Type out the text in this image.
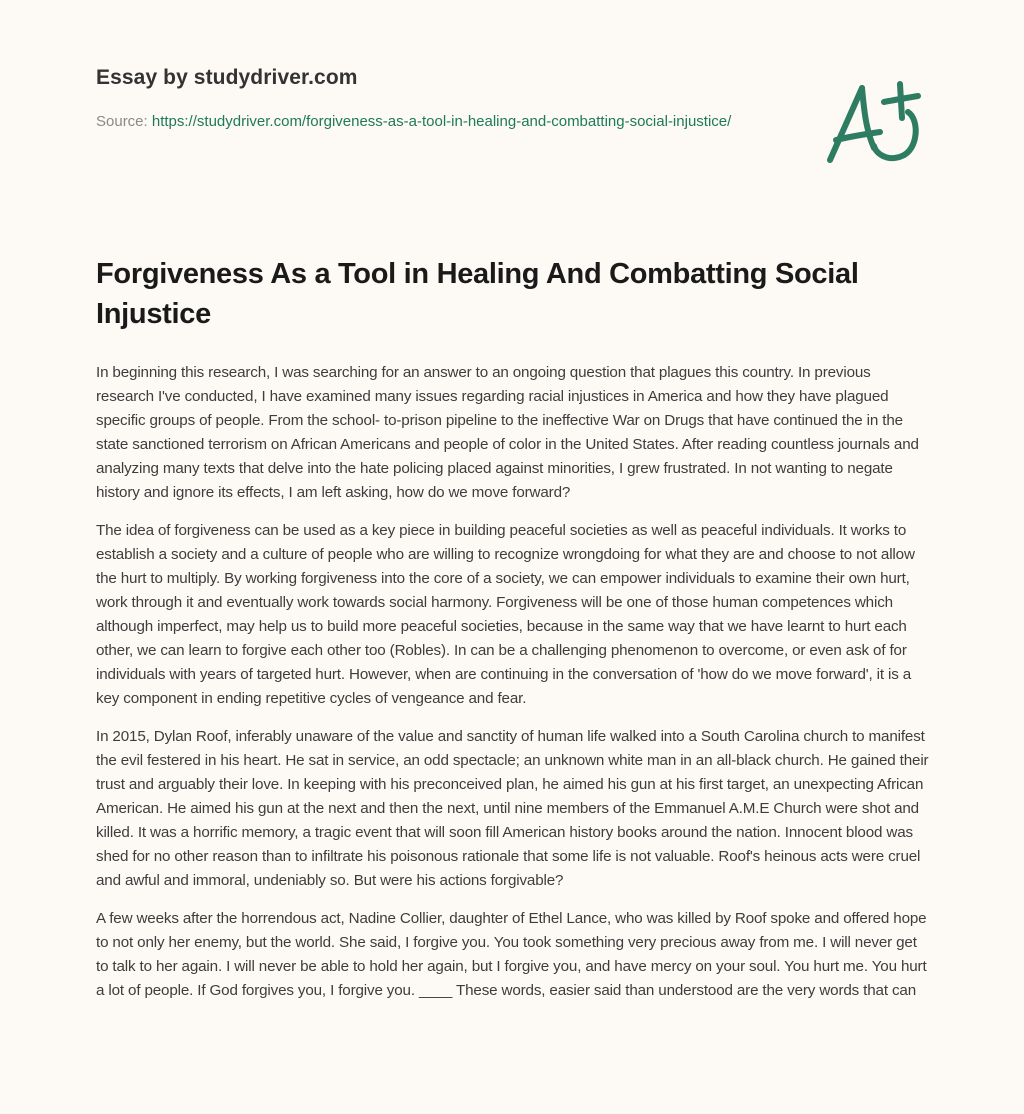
Essay by studydriver.com
Source: https://studydriver.com/forgiveness-as-a-tool-in-healing-and-combatting-social-injustice/
Forgiveness As a Tool in Healing And Combatting Social Injustice

In beginning this research, I was searching for an answer to an ongoing question that plagues this country. In previous research I've conducted, I have examined many issues regarding racial injustices in America and how they have plagued specific groups of people. From the school- to-prison pipeline to the ineffective War on Drugs that have continued the in the state sanctioned terrorism on African Americans and people of color in the United States. After reading countless journals and analyzing many texts that delve into the hate policing placed against minorities, I grew frustrated. In not wanting to negate history and ignore its effects, I am left asking, how do we move forward?

The idea of forgiveness can be used as a key piece in building peaceful societies as well as peaceful individuals. It works to establish a society and a culture of people who are willing to recognize wrongdoing for what they are and choose to not allow the hurt to multiply. By working forgiveness into the core of a society, we can empower individuals to examine their own hurt, work through it and eventually work towards social harmony. Forgiveness will be one of those human competences which although imperfect, may help us to build more peaceful societies, because in the same way that we have learnt to hurt each other, we can learn to forgive each other too (Robles). In can be a challenging phenomenon to overcome, or even ask of for individuals with years of targeted hurt. However, when are continuing in the conversation of 'how do we move forward', it is a key component in ending repetitive cycles of vengeance and fear.

In 2015, Dylan Roof, inferably unaware of the value and sanctity of human life walked into a South Carolina church to manifest the evil festered in his heart. He sat in service, an odd spectacle; an unknown white man in an all-black church. He gained their trust and arguably their love. In keeping with his preconceived plan, he aimed his gun at his first target, an unexpecting African American. He aimed his gun at the next and then the next, until nine members of the Emmanuel A.M.E Church were shot and killed. It was a horrific memory, a tragic event that will soon fill American history books around the nation. Innocent blood was shed for no other reason than to infiltrate his poisonous rationale that some life is not valuable. Roof's heinous acts were cruel and awful and immoral, undeniably so. But were his actions forgivable?

A few weeks after the horrendous act, Nadine Collier, daughter of Ethel Lance, who was killed by Roof spoke and offered hope to not only her enemy, but the world. She said, I forgive you. You took something very precious away from me. I will never get to talk to her again. I will never be able to hold her again, but I forgive you, and have mercy on your soul. You hurt me. You hurt a lot of people. If God forgives you, I forgive you. ____ These words, easier said than understood are the very words that can
